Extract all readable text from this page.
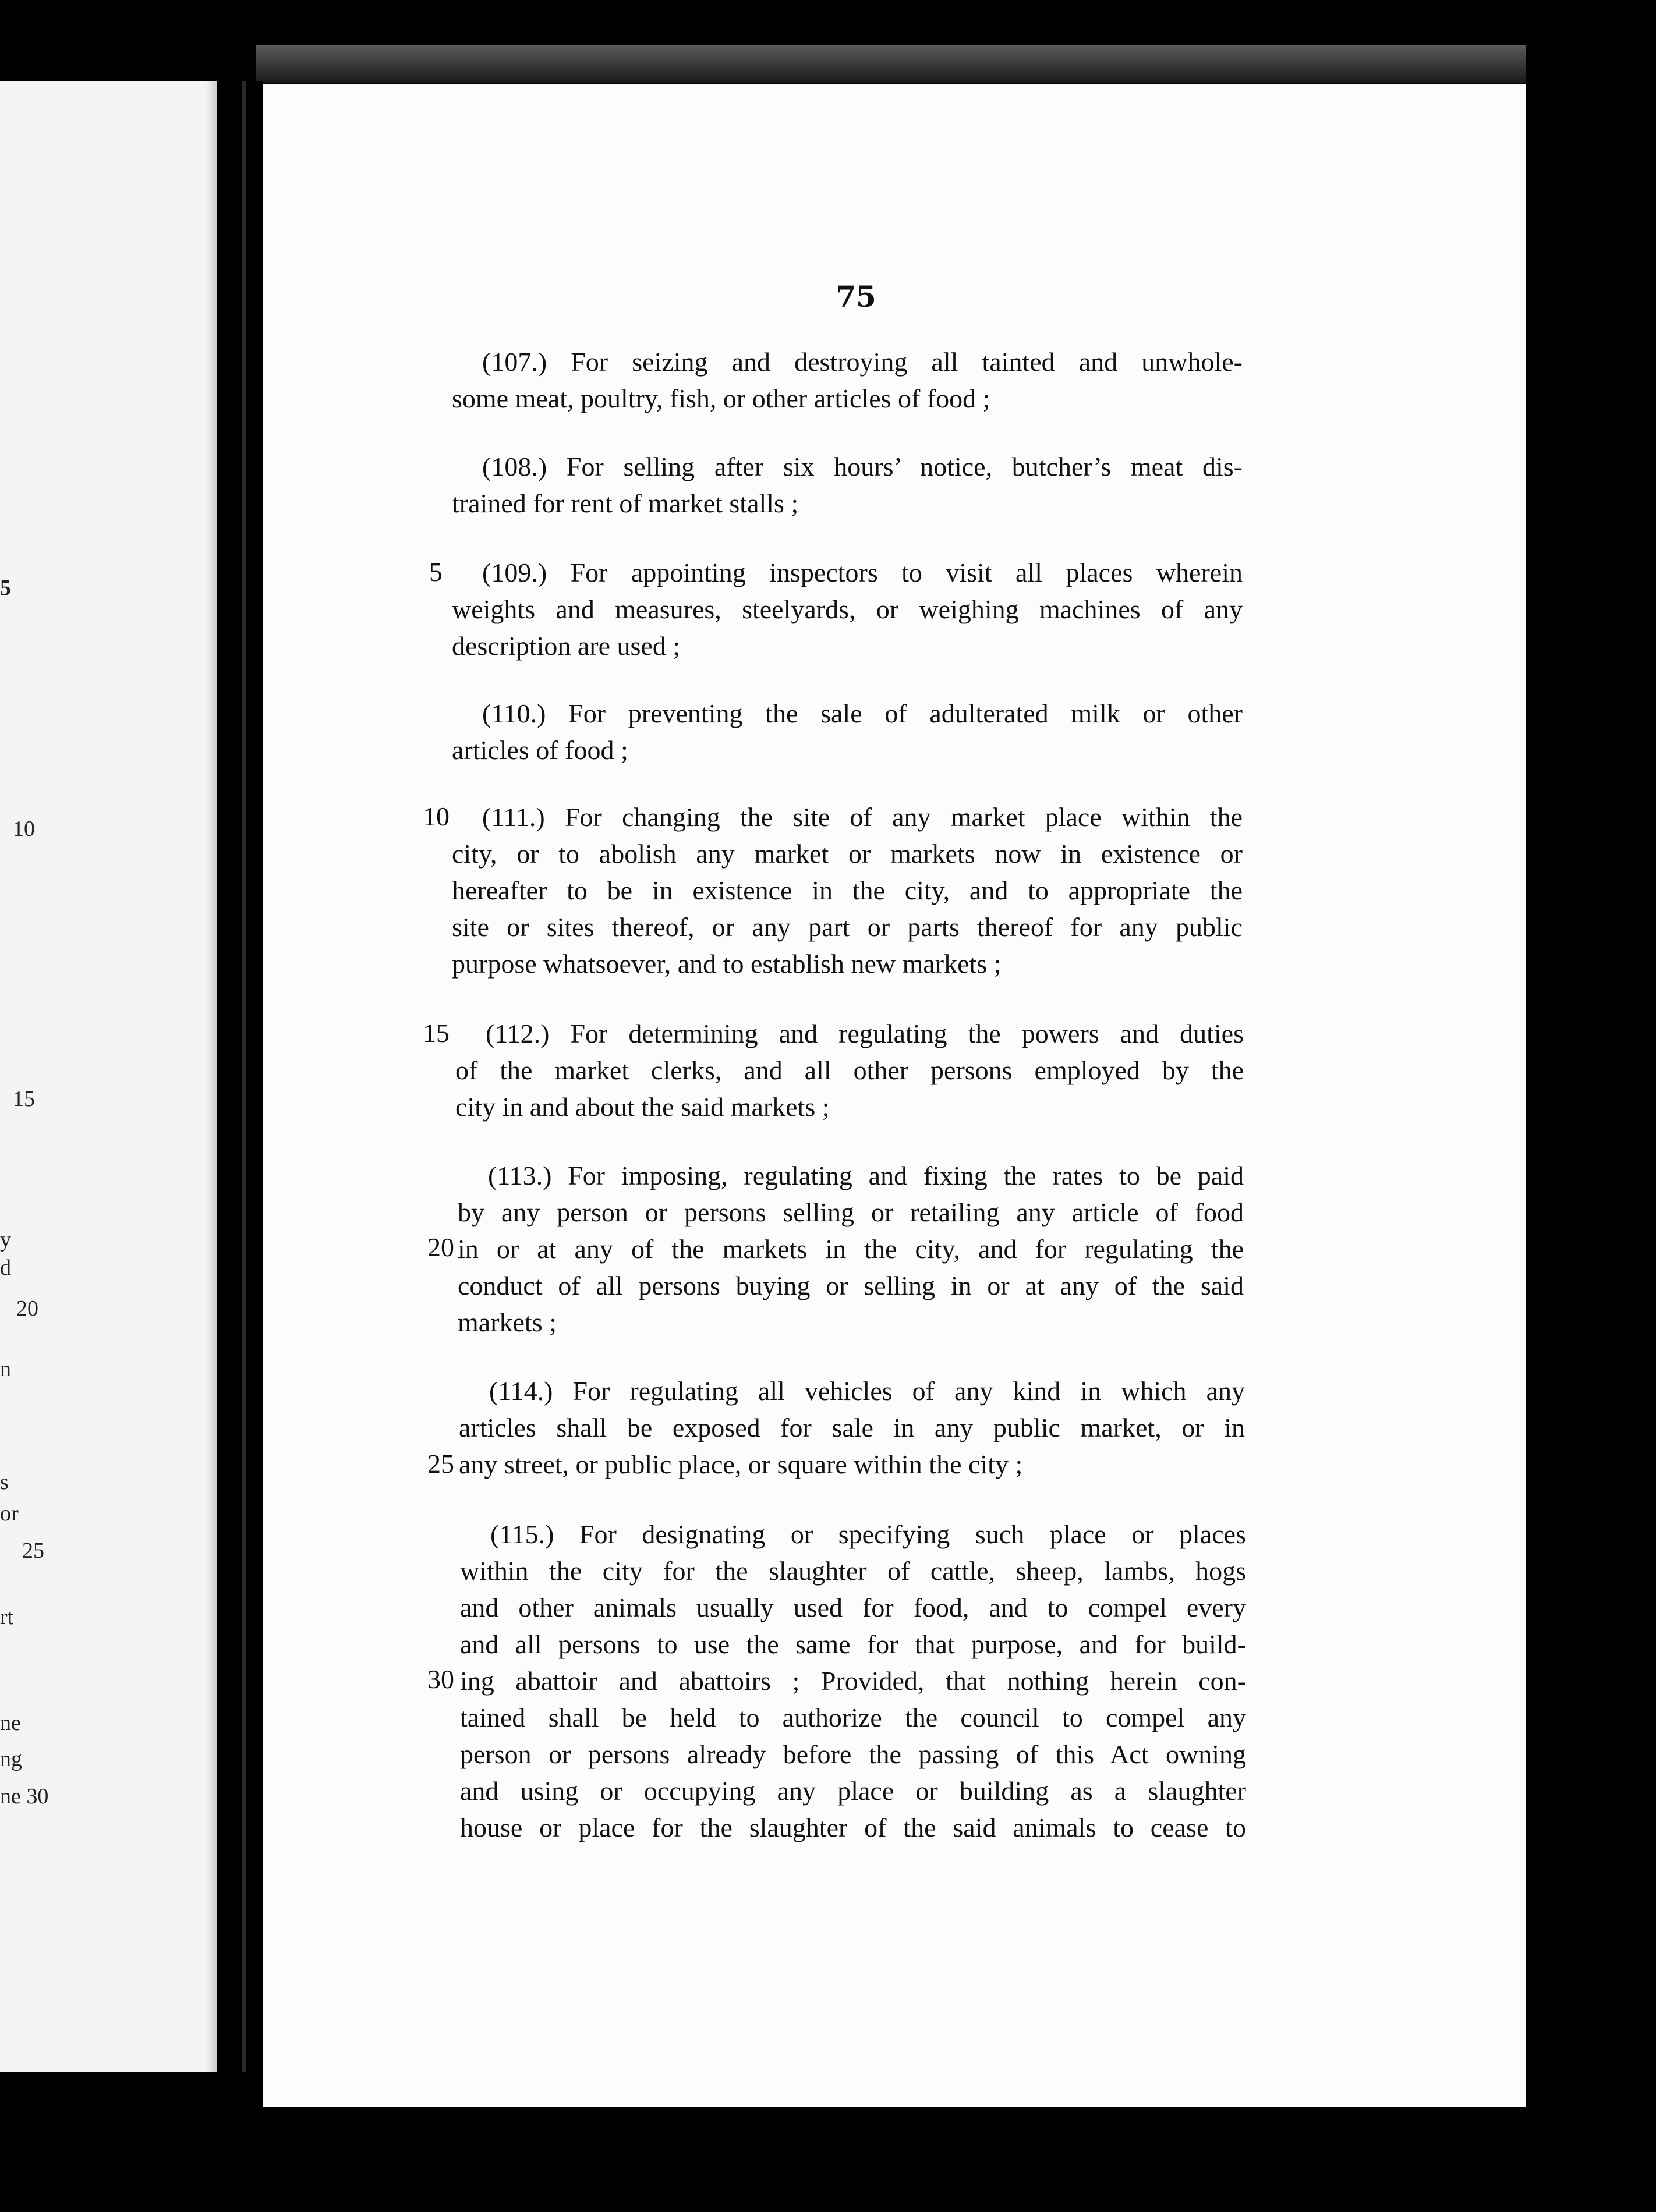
5
10
15
y
d
20
n
s
or
25
rt
ne
ng
ne 30
75
5
10
15
20
25
30
(107.) For seizing and destroying all tainted and unwhole-
some meat, poultry, fish, or other articles of food ;
(108.) For selling after six hours’ notice, butcher’s meat dis-
trained for rent of market stalls ;
(109.) For appointing inspectors to visit all places wherein
weights and measures, steelyards, or weighing machines of any
description are used ;
(110.) For preventing the sale of adulterated milk or other
articles of food ;
(111.) For changing the site of any market place within the
city, or to abolish any market or markets now in existence or
hereafter to be in existence in the city, and to appropriate the
site or sites thereof, or any part or parts thereof for any public
purpose whatsoever, and to establish new markets ;
(112.) For determining and regulating the powers and duties
of the market clerks, and all other persons employed by the
city in and about the said markets ;
(113.) For imposing, regulating and fixing the rates to be paid
by any person or persons selling or retailing any article of food
in or at any of the markets in the city, and for regulating the
conduct of all persons buying or selling in or at any of the said
markets ;
(114.) For regulating all vehicles of any kind in which any
articles shall be exposed for sale in any public market, or in
any street, or public place, or square within the city ;
(115.) For designating or specifying such place or places
within the city for the slaughter of cattle, sheep, lambs, hogs
and other animals usually used for food, and to compel every
and all persons to use the same for that purpose, and for build-
ing abattoir and abattoirs ; Provided, that nothing herein con-
tained shall be held to authorize the council to compel any
person or persons already before the passing of this Act owning
and using or occupying any place or building as a slaughter
house or place for the slaughter of the said animals to cease to
